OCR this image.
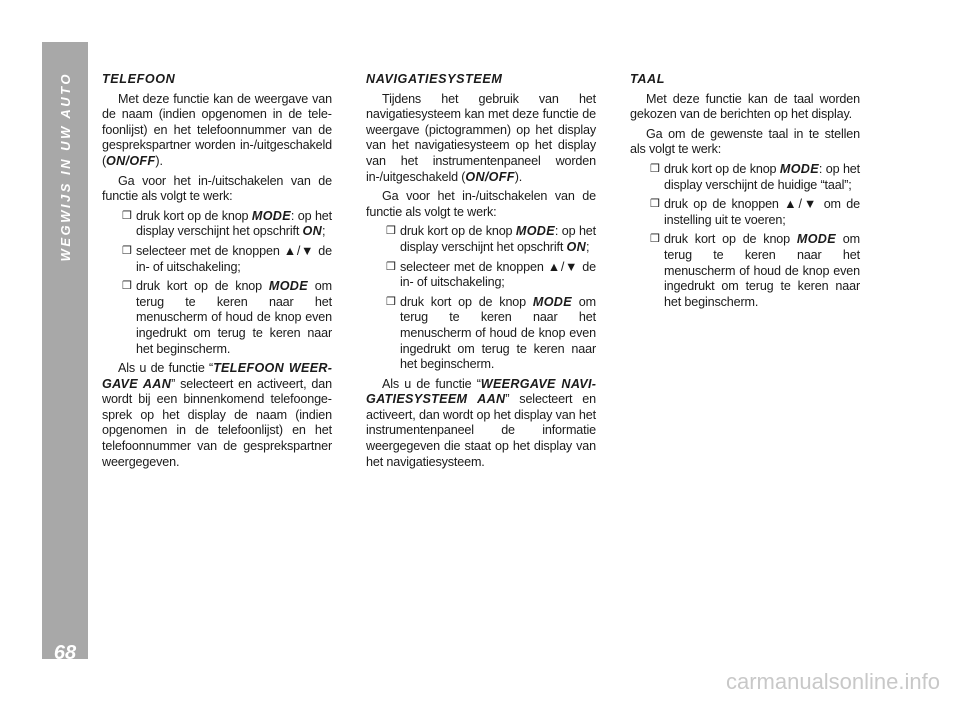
WEGWIJS IN UW AUTO
68
TELEFOON

Met deze functie kan de weergave van de naam (indien opgenomen in de telefoonlijst) en het telefoonnummer van de gesprekspartner worden in-/uitgeschakeld (ON/OFF).

Ga voor het in-/uitschakelen van de functie als volgt te werk:

❒ druk kort op de knop MODE: op het display verschijnt het opschrift ON;
❒ selecteer met de knoppen ▲/▼ de in- of uitschakeling;
❒ druk kort op de knop MODE om terug te keren naar het menuscherm of houd de knop even ingedrukt om terug te keren naar het beginscherm.

Als u de functie “TELEFOON WEERGAVE AAN” selecteert en activeert, dan wordt bij een binnenkomend telefoongesprek op het display de naam (indien opgenomen in de telefoonlijst) en het telefoonnummer van de gesprekspartner weergegeven.

NAVIGATIESYSTEEM

Tijdens het gebruik van het navigatiesysteem kan met deze functie de weergave (pictogrammen) op het display van het navigatiesysteem op het display van het instrumentenpaneel worden in-/uitgeschakeld (ON/OFF).

Ga voor het in-/uitschakelen van de functie als volgt te werk:

❒ druk kort op de knop MODE: op het display verschijnt het opschrift ON;
❒ selecteer met de knoppen ▲/▼ de in- of uitschakeling;
❒ druk kort op de knop MODE om terug te keren naar het menuscherm of houd de knop even ingedrukt om terug te keren naar het beginscherm.

Als u de functie “WEERGAVE NAVIGATIESYSTEEM AAN” selecteert en activeert, dan wordt op het display van het instrumentenpaneel de informatie weergegeven die staat op het display van het navigatiesysteem.

TAAL

Met deze functie kan de taal worden gekozen van de berichten op het display.

Ga om de gewenste taal in te stellen als volgt te werk:

❒ druk kort op de knop MODE: op het display verschijnt de huidige “taal”;
❒ druk op de knoppen ▲/▼ om de instelling uit te voeren;
❒ druk kort op de knop MODE om terug te keren naar het menuscherm of houd de knop even ingedrukt om terug te keren naar het beginscherm.
carmanualsonline.info
